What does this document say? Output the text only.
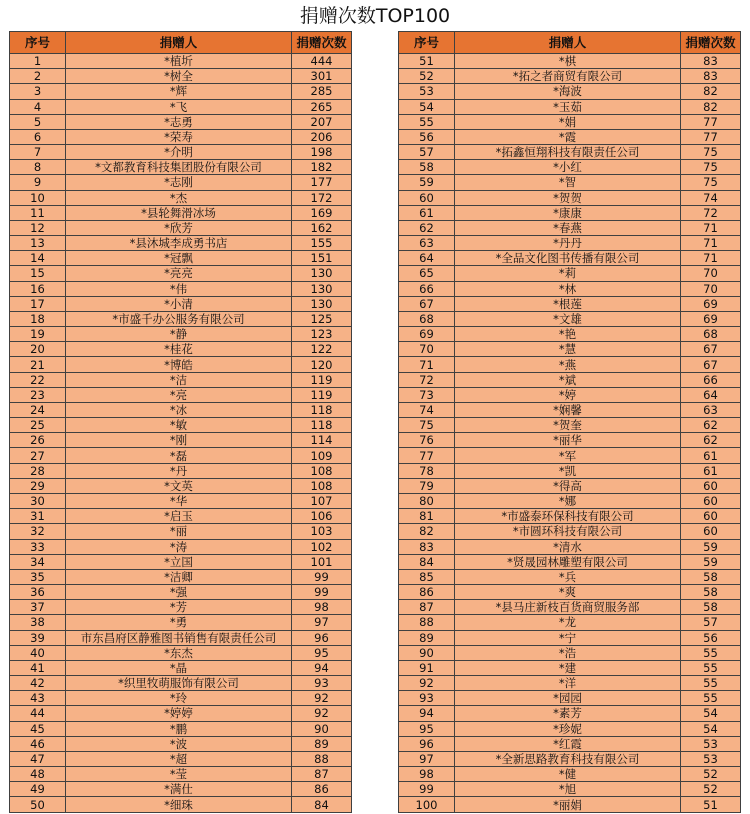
捐赠次数TOP100
序号	捐赠人	捐赠次数
1	*植圻	444
2	*树全	301
3	*辉	285
4	*飞	265
5	*志勇	207
6	*荣寿	206
7	*介明	198
8	*文都教育科技集团股份有限公司	182
9	*志刚	177
10	*杰	172
11	*县轮舞滑冰场	169
12	*欣芳	162
13	*县沐城李成勇书店	155
14	*冠飘	151
15	*亮亮	130
16	*伟	130
17	*小清	130
18	*市盛千办公服务有限公司	125
19	*静	123
20	*桂花	122
21	*博皓	120
22	*洁	119
23	*亮	119
24	*冰	118
25	*敏	118
26	*刚	114
27	*磊	109
28	*丹	108
29	*文英	108
30	*华	107
31	*启玉	106
32	*丽	103
33	*涛	102
34	*立国	101
35	*洁卿	99
36	*强	99
37	*芳	98
38	*勇	97
39	市东昌府区静雅图书销售有限责任公司	96
40	*东杰	95
41	*晶	94
42	*织里牧萌服饰有限公司	93
43	*玲	92
44	*婷婷	92
45	*鹏	90
46	*波	89
47	*超	88
48	*莹	87
49	*满仕	86
50	*细珠	84
序号	捐赠人	捐赠次数
51	*棋	83
52	*拓之者商贸有限公司	83
53	*海波	82
54	*玉茹	82
55	*娟	77
56	*霞	77
57	*拓鑫恒翔科技有限责任公司	75
58	*小红	75
59	*智	75
60	*贺贺	74
61	*康康	72
62	*春燕	71
63	*丹丹	71
64	*全品文化图书传播有限公司	71
65	*莉	70
66	*林	70
67	*根莲	69
68	*文雄	69
69	*艳	68
70	*慧	67
71	*燕	67
72	*斌	66
73	*婷	64
74	*娴馨	63
75	*贺奎	62
76	*丽华	62
77	*军	61
78	*凯	61
79	*得高	60
80	*娜	60
81	*市盛泰环保科技有限公司	60
82	*市圆环科技有限公司	60
83	*清水	59
84	*贤晟园林雕塑有限公司	59
85	*兵	58
86	*爽	58
87	*县马庄新枝百货商贸服务部	58
88	*龙	57
89	*宁	56
90	*浩	55
91	*建	55
92	*洋	55
93	*园园	55
94	*素芳	54
95	*珍妮	54
96	*红霞	53
97	*全新思路教育科技有限公司	53
98	*健	52
99	*旭	52
100	*丽娟	51
